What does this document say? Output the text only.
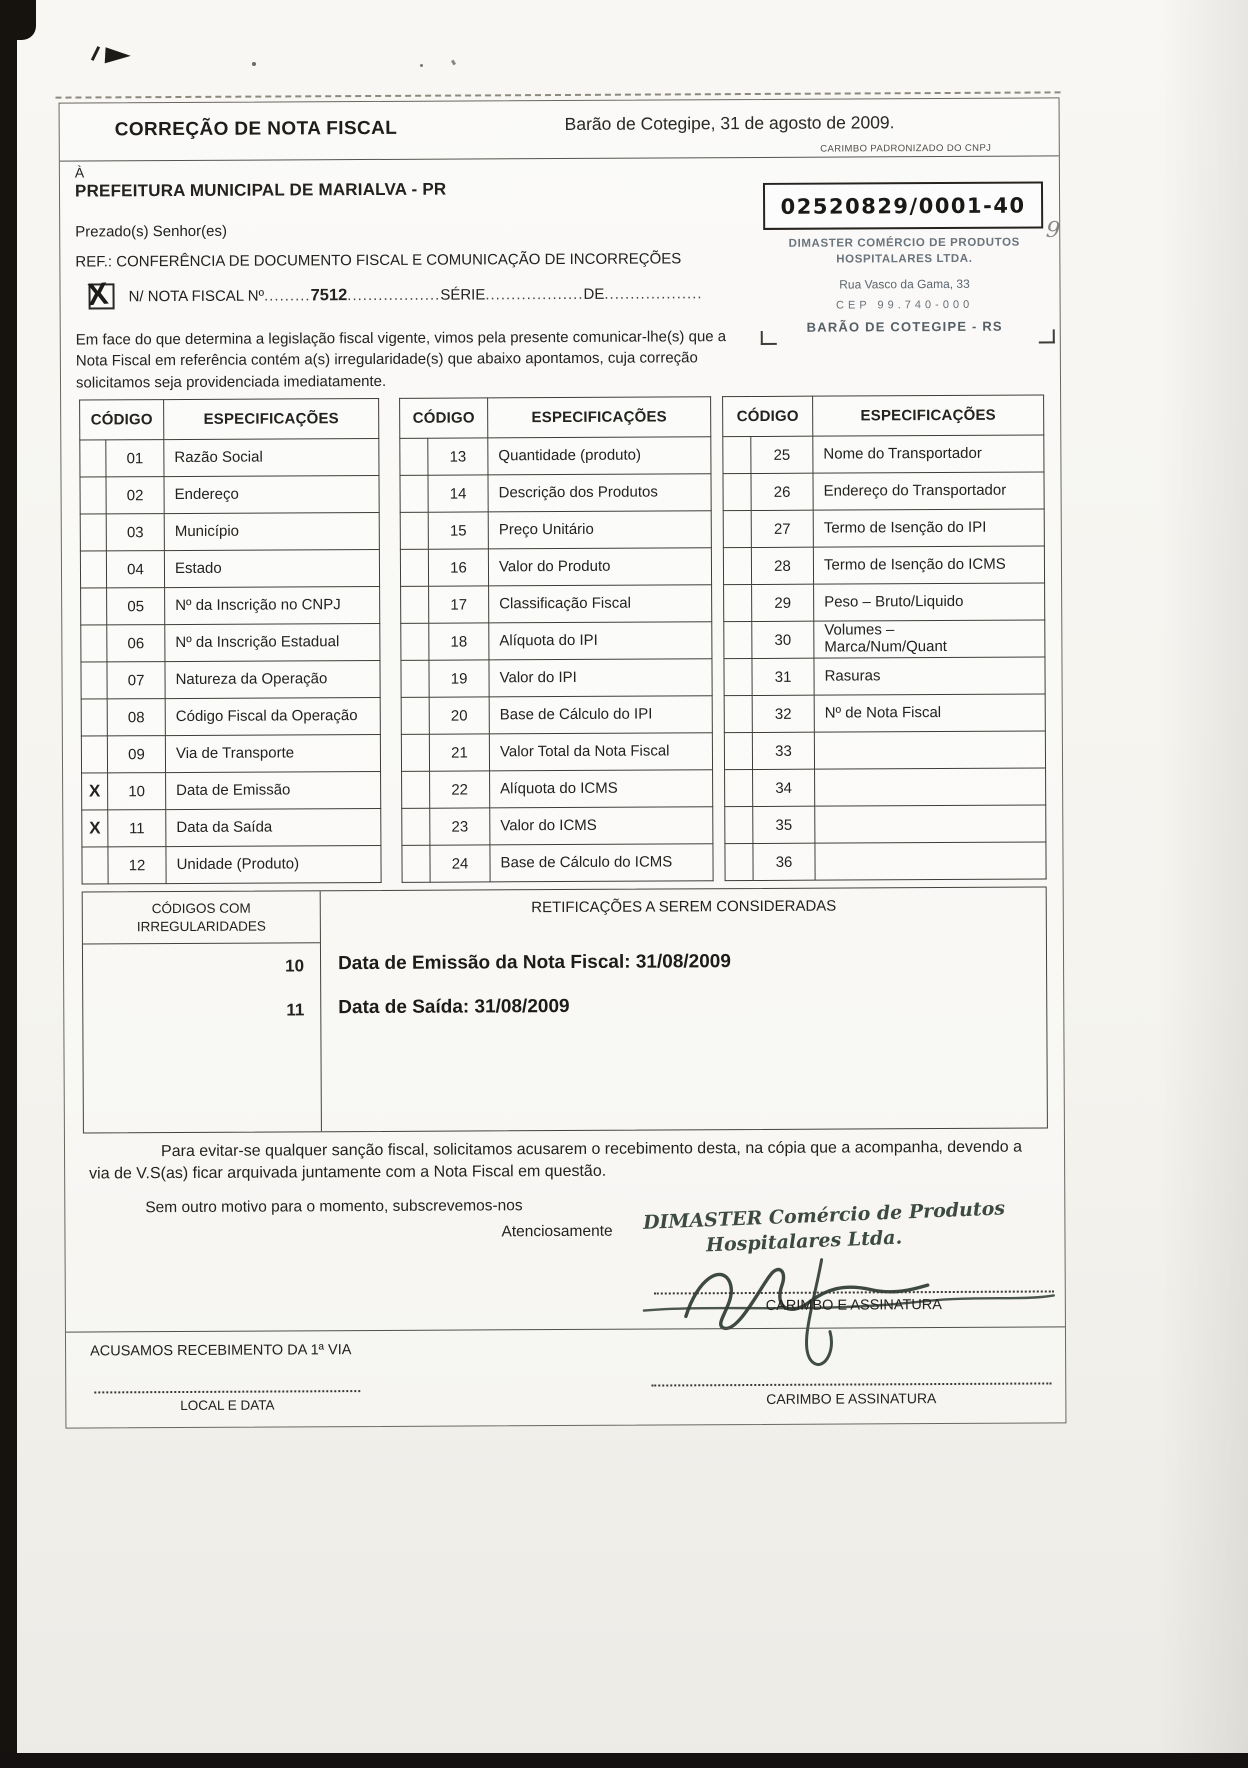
▶
9
CORREÇÃO DE NOTA FISCAL	Barão de Cotegipe, 31 de agosto de 2009.
CARIMBO PADRONIZADO DO CNPJ
À
PREFEITURA MUNICIPAL DE MARIALVA - PR
Prezado(s) Senhor(es)
REF.: CONFERÊNCIA DE DOCUMENTO FISCAL E COMUNICAÇÃO DE INCORREÇÕES
X N/ NOTA FISCAL Nº ......... 7512 .................. SÉRIE ................... DE ...................
Em face do que determina a legislação fiscal vigente, vimos pela presente comunicar-lhe(s) que a Nota Fiscal em referência contém a(s) irregularidade(s) que abaixo apontamos, cuja correção solicitamos seja providenciada imediatamente.
02520829/0001-40
DIMASTER COMÉRCIO DE PRODUTOS
HOSPITALARES LTDA.
Rua Vasco da Gama, 33
CEP 99.740-000
BARÃO DE COTEGIPE - RS
CÓDIGO		ESPECIFICAÇÕES
	01	Razão Social
	02	Endereço
	03	Município
	04	Estado
	05	Nº da Inscrição no CNPJ
	06	Nº da Inscrição Estadual
	07	Natureza da Operação
	08	Código Fiscal da Operação
	09	Via de Transporte
X	10	Data de Emissão
X	11	Data da Saída
	12	Unidade (Produto)
CÓDIGO		ESPECIFICAÇÕES
	13	Quantidade (produto)
	14	Descrição dos Produtos
	15	Preço Unitário
	16	Valor do Produto
	17	Classificação Fiscal
	18	Alíquota do IPI
	19	Valor do IPI
	20	Base de Cálculo do IPI
	21	Valor Total da Nota Fiscal
	22	Alíquota do ICMS
	23	Valor do ICMS
	24	Base de Cálculo do ICMS
CÓDIGO		ESPECIFICAÇÕES
	25	Nome do Transportador
	26	Endereço do Transportador
	27	Termo de Isenção do IPI
	28	Termo de Isenção do ICMS
	29	Peso – Bruto/Liquido
	30	Volumes –
Marca/Num/Quant
	31	Rasuras
	32	Nº de Nota Fiscal
	33	
	34	
	35	
	36	
CÓDIGOS COM
IRREGULARIDADES
RETIFICAÇÕES A SEREM CONSIDERADAS
10	Data de Emissão da Nota Fiscal: 31/08/2009
11	Data de Saída: 31/08/2009
Para evitar-se qualquer sanção fiscal, solicitamos acusarem o recebimento desta, na cópia que a acompanha, devendo a via de V.S(as) ficar arquivada juntamente com a Nota Fiscal em questão.
Sem outro motivo para o momento, subscrevemos-nos
Atenciosamente DIMASTER Comércio de Produtos
Hospitalares Ltda.
CARIMBO E ASSINATURA
ACUSAMOS RECEBIMENTO DA 1ª VIA
LOCAL E DATA	CARIMBO E ASSINATURA
